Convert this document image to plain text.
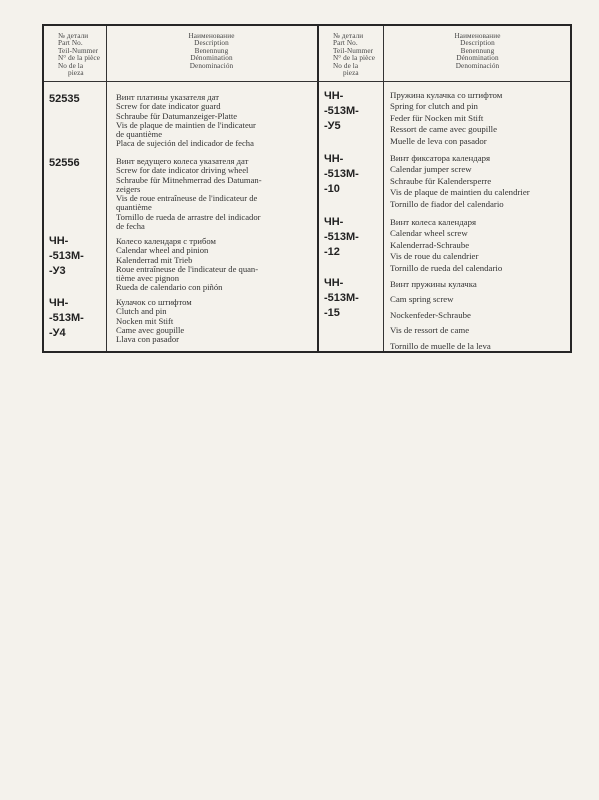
№ детали
Part No.
Teil-Nummer
N° de la pièce
No de la
pieza
Наименование
Description
Benennung
Dénomination
Denominación
№ детали
Part No.
Teil-Nummer
N° de la pièce
No de la
pieza
Наименование
Description
Benennung
Dénomination
Denominación
52535	Винт платины указателя дат
Screw for date indicator guard
Schraube für Datumanzeiger-Platte
Vis de plaque de maintien de l'indicateur
de quantième
Placa de sujeción del indicador de fecha
52556	Винт ведущего колеса указателя дат
Screw for date indicator driving wheel
Schraube für Mitnehmerrad des Datuman-
zeigers
Vis de roue entraîneuse de l'indicateur de
quantième
Tornillo de rueda de arrastre del indicador
de fecha
ЧН-
-513М-
-У3
Колесо календаря с трибом
Calendar wheel and pinion
Kalenderrad mit Trieb
Roue entraîneuse de l'indicateur de quan-
tième avec pignon
Rueda de calendario con piñón
ЧН-
-513М-
-У4
Кулачок со штифтом
Clutch and pin
Nocken mit Stift
Came avec goupille
Llava con pasador
ЧН-
-513М-
-У5
Пружина кулачка со штифтом
Spring for clutch and pin
Feder für Nocken mit Stift
Ressort de came avec goupille
Muelle de leva con pasador
ЧН-
-513М-
-10
Винт фиксатора календаря
Calendar jumper screw
Schraube für Kalendersperre
Vis de plaque de maintien du calendrier
Tornillo de fiador del calendario
ЧН-
-513М-
-12
Винт колеса календаря
Calendar wheel screw
Kalenderrad-Schraube
Vis de roue du calendrier
Tornillo de rueda del calendario
ЧН-
-513М-
-15
Винт пружины кулачка
Cam spring screw
Nockenfeder-Schraube
Vis de ressort de came
Tornillo de muelle de la leva
